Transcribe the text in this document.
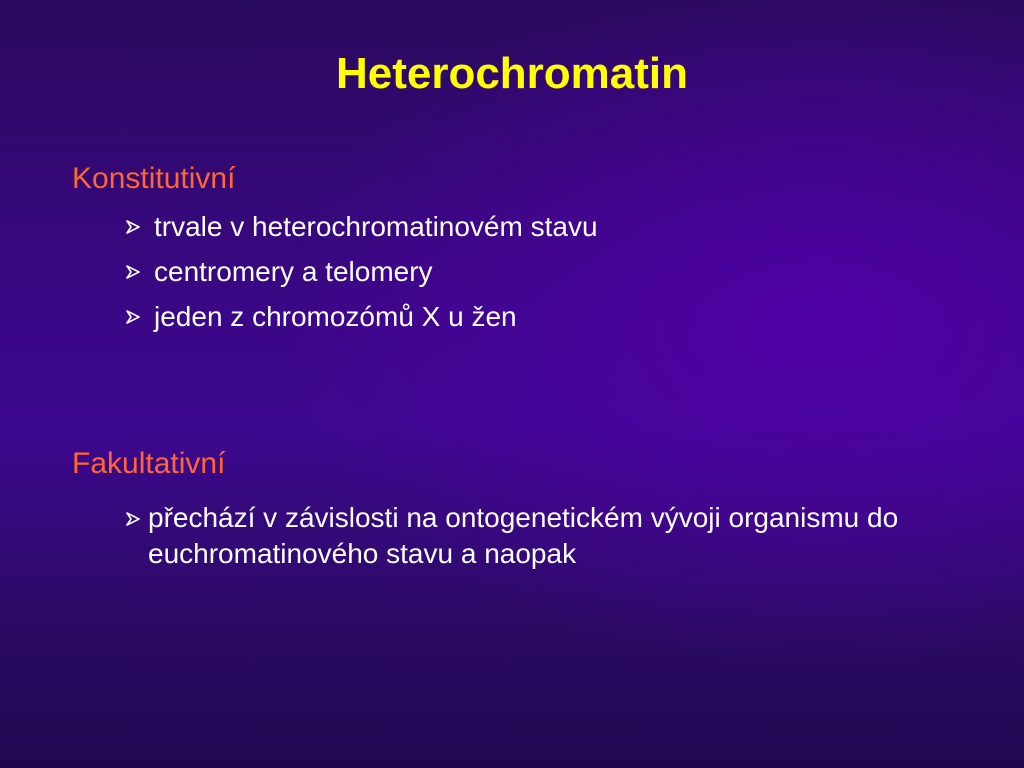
Heterochromatin
Konstitutivní
trvale v heterochromatinovém stavu
centromery a telomery
jeden z chromozómů X u žen
Fakultativní
přechází v závislosti na ontogenetickém vývoji organismu do euchromatinového stavu a naopak
